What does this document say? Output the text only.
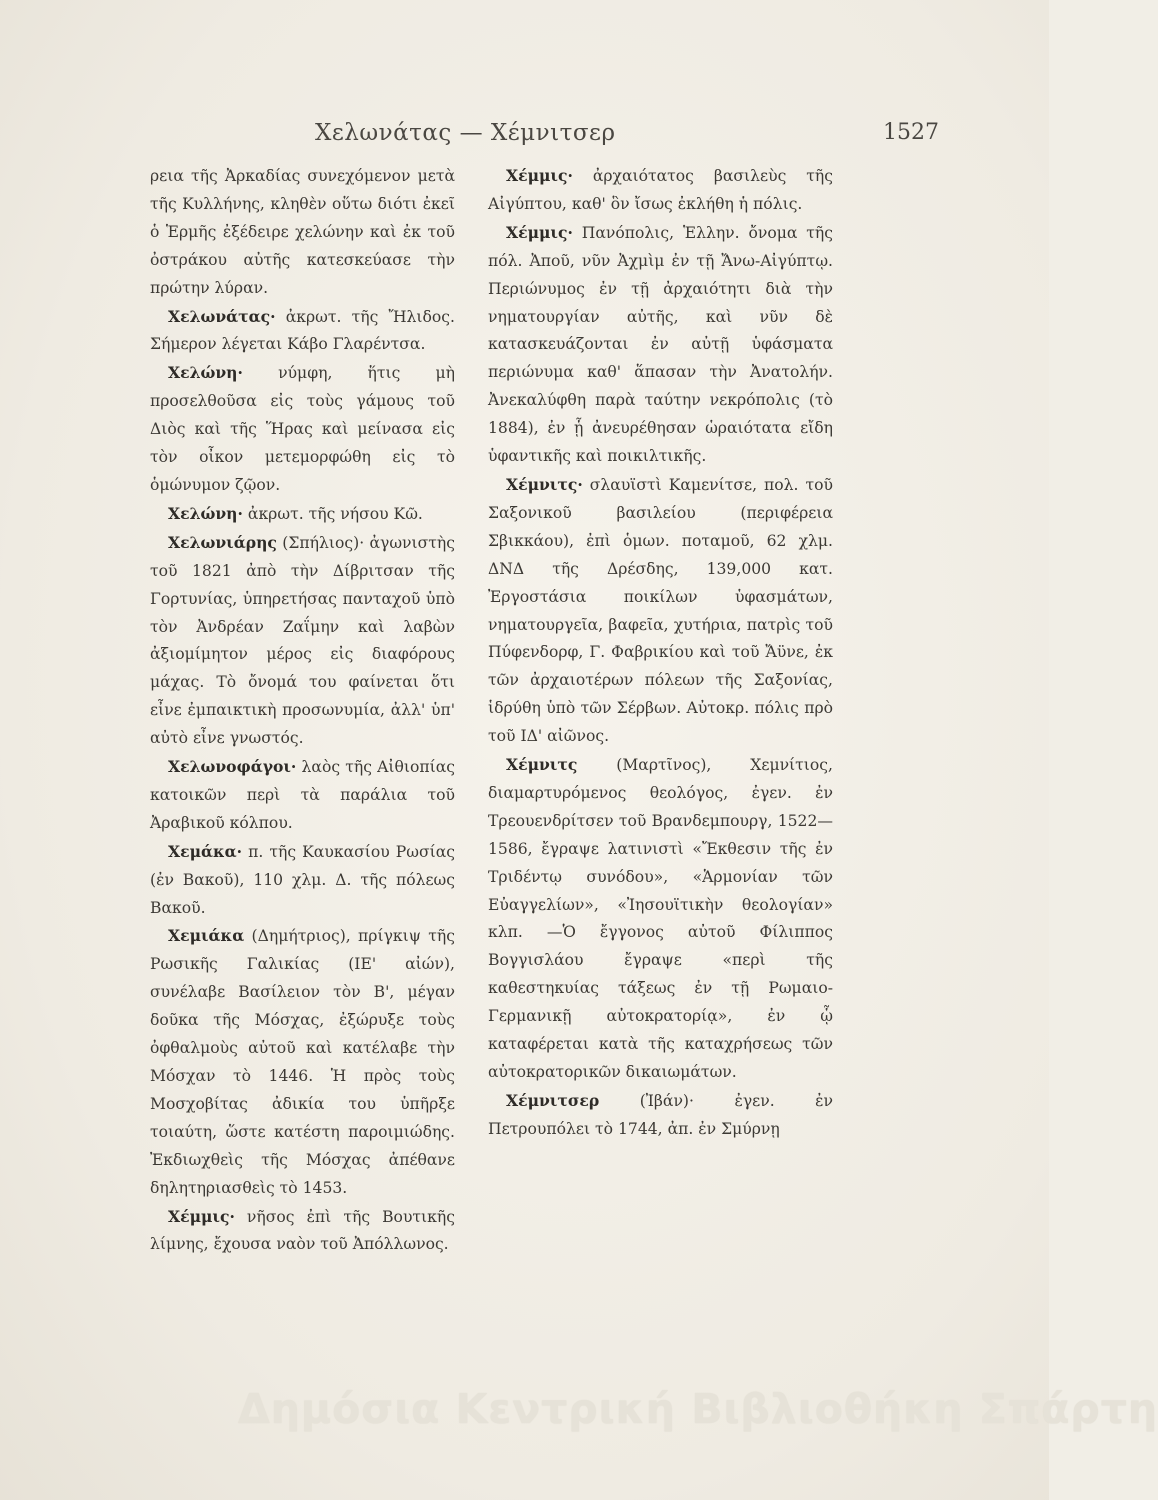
Χελωνάτας — Χέμνιτσερ	1527

ρεια τῆς Ἀρκαδίας συνεχόμενον μετὰ τῆς Κυλλήνης, κληθὲν οὕτω διότι ἐκεῖ ὁ Ἑρμῆς ἐξέδειρε χελώνην καὶ ἐκ τοῦ ὀστράκου αὐτῆς κατεσκεύασε τὴν πρώτην λύραν.

Χελωνάτας· ἀκρωτ. τῆς Ἤλιδος. Σήμερον λέγεται Κάβο Γλαρέντσα.

Χελώνη· νύμφη, ἥτις μὴ προσελθοῦσα εἰς τοὺς γάμους τοῦ Διὸς καὶ τῆς Ἥρας καὶ μείνασα εἰς τὸν οἶκον μετεμορφώθη εἰς τὸ ὁμώνυμον ζῷον.

Χελώνη· ἀκρωτ. τῆς νήσου Κῶ.

Χελωνιάρης (Σπήλιος)· ἀγωνιστὴς τοῦ 1821 ἀπὸ τὴν Δίβριτσαν τῆς Γορτυνίας, ὑπηρετήσας πανταχοῦ ὑπὸ τὸν Ἀνδρέαν Ζαΐμην καὶ λαβὼν ἀξιομίμητον μέρος εἰς διαφόρους μάχας. Τὸ ὄνομά του φαίνεται ὅτι εἶνε ἐμπαικτικὴ προσωνυμία, ἀλλ' ὑπ' αὐτὸ εἶνε γνωστός.

Χελωνοφάγοι· λαὸς τῆς Αἰθιοπίας κατοικῶν περὶ τὰ παράλια τοῦ Ἀραβικοῦ κόλπου.

Χεμάκα· π. τῆς Καυκασίου Ρωσίας (ἐν Βακοῦ), 110 χλμ. Δ. τῆς πόλεως Βακοῦ.

Χεμιάκα (Δημήτριος), πρίγκιψ τῆς Ρωσικῆς Γαλικίας (ΙΕ' αἰών), συνέλαβε Βασίλειον τὸν Β', μέγαν δοῦκα τῆς Μόσχας, ἐξώρυξε τοὺς ὀφθαλμοὺς αὐτοῦ καὶ κατέλαβε τὴν Μόσχαν τὸ 1446. Ἡ πρὸς τοὺς Μοσχοβίτας ἀδικία του ὑπῆρξε τοιαύτη, ὥστε κατέστη παροιμιώδης. Ἐκδιωχθεὶς τῆς Μόσχας ἀπέθανε δηλητηριασθεὶς τὸ 1453.

Χέμμις· νῆσος ἐπὶ τῆς Βουτικῆς λίμνης, ἔχουσα ναὸν τοῦ Ἀπόλλωνος.

Χέμμις· ἀρχαιότατος βασιλεὺς τῆς Αἰγύπτου, καθ' ὃν ἴσως ἐκλήθη ἡ πόλις.

Χέμμις· Πανόπολις, Ἑλλην. ὄνομα τῆς πόλ. Ἀποῦ, νῦν Ἀχμὶμ ἐν τῇ Ἄνω-Αἰγύπτῳ. Περιώνυμος ἐν τῇ ἀρχαιότητι διὰ τὴν νηματουργίαν αὐτῆς, καὶ νῦν δὲ κατασκευάζονται ἐν αὐτῇ ὑφάσματα περιώνυμα καθ' ἅπασαν τὴν Ἀνατολήν. Ἀνεκαλύφθη παρὰ ταύτην νεκρόπολις (τὸ 1884), ἐν ᾗ ἀνευρέθησαν ὡραιότατα εἴδη ὑφαντικῆς καὶ ποικιλτικῆς.

Χέμνιτς· σλαυϊστὶ Καμενίτσε, πολ. τοῦ Σαξονικοῦ βασιλείου (περιφέρεια Σβικκάου), ἐπὶ ὁμων. ποταμοῦ, 62 χλμ. ΔΝΔ τῆς Δρέσδης, 139,000 κατ. Ἐργοστάσια ποικίλων ὑφασμάτων, νηματουργεῖα, βαφεῖα, χυτήρια, πατρὶς τοῦ Πύφενδορφ, Γ. Φαβρικίου καὶ τοῦ Ἄϋνε, ἐκ τῶν ἀρχαιοτέρων πόλεων τῆς Σαξονίας, ἱδρύθη ὑπὸ τῶν Σέρβων. Αὐτοκρ. πόλις πρὸ τοῦ ΙΔ' αἰῶνος.

Χέμνιτς (Μαρτῖνος), Χεμνίτιος, διαμαρτυρόμενος θεολόγος, ἐγεν. ἐν Τρεουενδρίτσεν τοῦ Βρανδεμπουργ, 1522—1586, ἔγραψε λατινιστὶ «Ἔκθεσιν τῆς ἐν Τριδέντῳ συνόδου», «Ἁρμονίαν τῶν Εὐαγγελίων», «Ἰησουϊτικὴν θεολογίαν» κλπ. —Ὁ ἔγγονος αὐτοῦ Φίλιππος Βογγισλάου ἔγραψε «περὶ τῆς καθεστηκυίας τάξεως ἐν τῇ Ρωμαιο-Γερμανικῇ αὐτοκρατορίᾳ», ἐν ᾧ καταφέρεται κατὰ τῆς καταχρήσεως τῶν αὐτοκρατορικῶν δικαιωμάτων.

Χέμνιτσερ (Ἰβάν)· ἐγεν. ἐν Πετρουπόλει τὸ 1744, ἀπ. ἐν Σμύρνῃ

Δημόσια Κεντρική Βιβλιοθήκη Σπάρτη
